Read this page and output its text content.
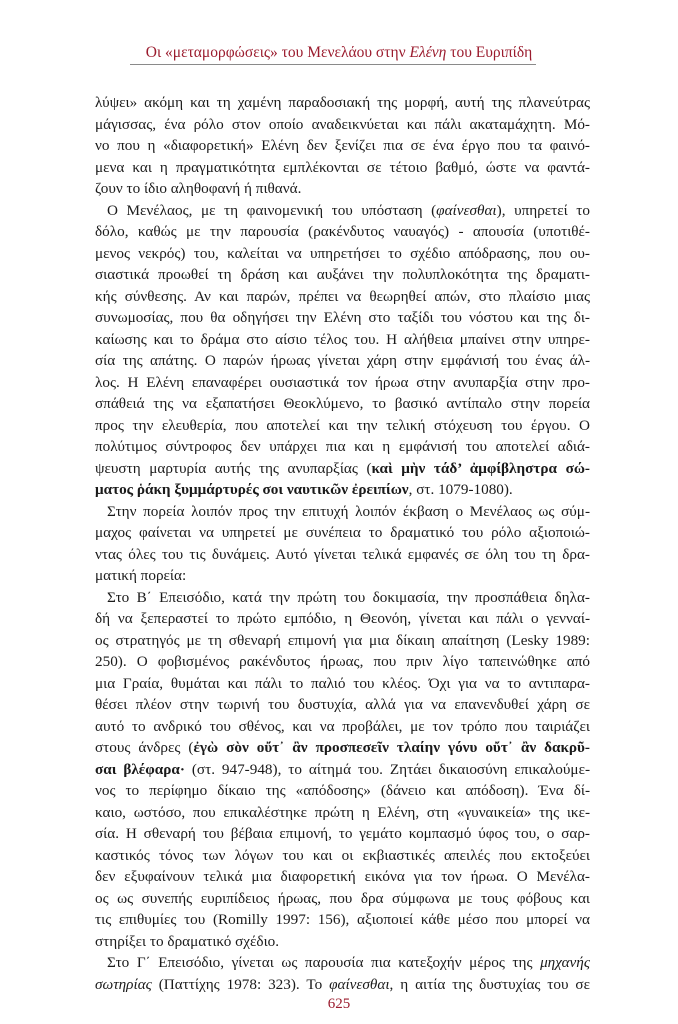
Οι «μεταμορφώσεις» του Μενελάου στην Ελένη του Ευριπίδη
λύψει» ακόμη και τη χαμένη παραδοσιακή της μορφή, αυτή της πλανεύτρας
μάγισσας, ένα ρόλο στον οποίο αναδεικνύεται και πάλι ακαταμάχητη. Μό-
νο που η «διαφορετική» Ελένη δεν ξενίζει πια σε ένα έργο που τα φαινό-
μενα και η πραγματικότητα εμπλέκονται σε τέτοιο βαθμό, ώστε να φαντά-
ζουν το ίδιο αληθοφανή ή πιθανά.
Ο Μενέλαος, με τη φαινομενική του υπόσταση (φαίνεσθαι), υπηρετεί το
δόλο, καθώς με την παρουσία (ρακένδυτος ναυαγός) - απουσία (υποτιθέ-
μενος νεκρός) του, καλείται να υπηρετήσει το σχέδιο απόδρασης, που ου-
σιαστικά προωθεί τη δράση και αυξάνει την πολυπλοκότητα της δραματι-
κής σύνθεσης. Αν και παρών, πρέπει να θεωρηθεί απών, στο πλαίσιο μιας
συνωμοσίας, που θα οδηγήσει την Ελένη στο ταξίδι του νόστου και της δι-
καίωσης και το δράμα στο αίσιο τέλος του. Η αλήθεια μπαίνει στην υπηρε-
σία της απάτης. Ο παρών ήρωας γίνεται χάρη στην εμφάνισή του ένας άλ-
λος. Η Ελένη επαναφέρει ουσιαστικά τον ήρωα στην ανυπαρξία στην προ-
σπάθειά της να εξαπατήσει Θεοκλύμενο, το βασικό αντίπαλο στην πορεία
προς την ελευθερία, που αποτελεί και την τελική στόχευση του έργου. Ο
πολύτιμος σύντροφος δεν υπάρχει πια και η εμφάνισή του αποτελεί αδιά-
ψευστη μαρτυρία αυτής της ανυπαρξίας (καὶ μὴν τάδ’ ἀμφίβληστρα σώ-
ματος ῥάκη ξυμμάρτυρές σοι ναυτικῶν ἐρειπίων, στ. 1079-1080).
Στην πορεία λοιπόν προς την επιτυχή λοιπόν έκβαση ο Μενέλαος ως σύμ-
μαχος φαίνεται να υπηρετεί με συνέπεια το δραματικό του ρόλο αξιοποιώ-
ντας όλες του τις δυνάμεις. Αυτό γίνεται τελικά εμφανές σε όλη του τη δρα-
ματική πορεία:
Στο Β΄ Επεισόδιο, κατά την πρώτη του δοκιμασία, την προσπάθεια δηλα-
δή να ξεπεραστεί το πρώτο εμπόδιο, η Θεονόη, γίνεται και πάλι ο γενναί-
ος στρατηγός με τη σθεναρή επιμονή για μια δίκαιη απαίτηση (Lesky 1989:
250). Ο φοβισμένος ρακένδυτος ήρωας, που πριν λίγο ταπεινώθηκε από
μια Γραία, θυμάται και πάλι το παλιό του κλέος. Όχι για να το αντιπαρα-
θέσει πλέον στην τωρινή του δυστυχία, αλλά για να επανενδυθεί χάρη σε
αυτό το ανδρικό του σθένος, και να προβάλει, με τον τρόπο που ταιριάζει
στους άνδρες (ἐγὼ σὸν οὔτ᾽ ἂν προσπεσεῖν τλαίην γόνυ οὔτ᾽ ἂν δακρῦ-
σαι βλέφαρα· (στ. 947-948), το αίτημά του. Ζητάει δικαιοσύνη επικαλούμε-
νος το περίφημο δίκαιο της «απόδοσης» (δάνειο και απόδοση). Ένα δί-
καιο, ωστόσο, που επικαλέστηκε πρώτη η Ελένη, στη «γυναικεία» της ικε-
σία. Η σθεναρή του βέβαια επιμονή, το γεμάτο κομπασμό ύφος του, ο σαρ-
καστικός τόνος των λόγων του και οι εκβιαστικές απειλές που εκτοξεύει
δεν εξυφαίνουν τελικά μια διαφορετική εικόνα για τον ήρωα. Ο Μενέλα-
ος ως συνεπής ευριπίδειος ήρωας, που δρα σύμφωνα με τους φόβους και
τις επιθυμίες του (Romilly 1997: 156), αξιοποιεί κάθε μέσο που μπορεί να
στηρίξει το δραματικό σχέδιο.
Στο Γ΄ Επεισόδιο, γίνεται ως παρουσία πια κατεξοχήν μέρος της μηχανής
σωτηρίας (Παττίχης 1978: 323). Το φαίνεσθαι, η αιτία της δυστυχίας του σε
625
